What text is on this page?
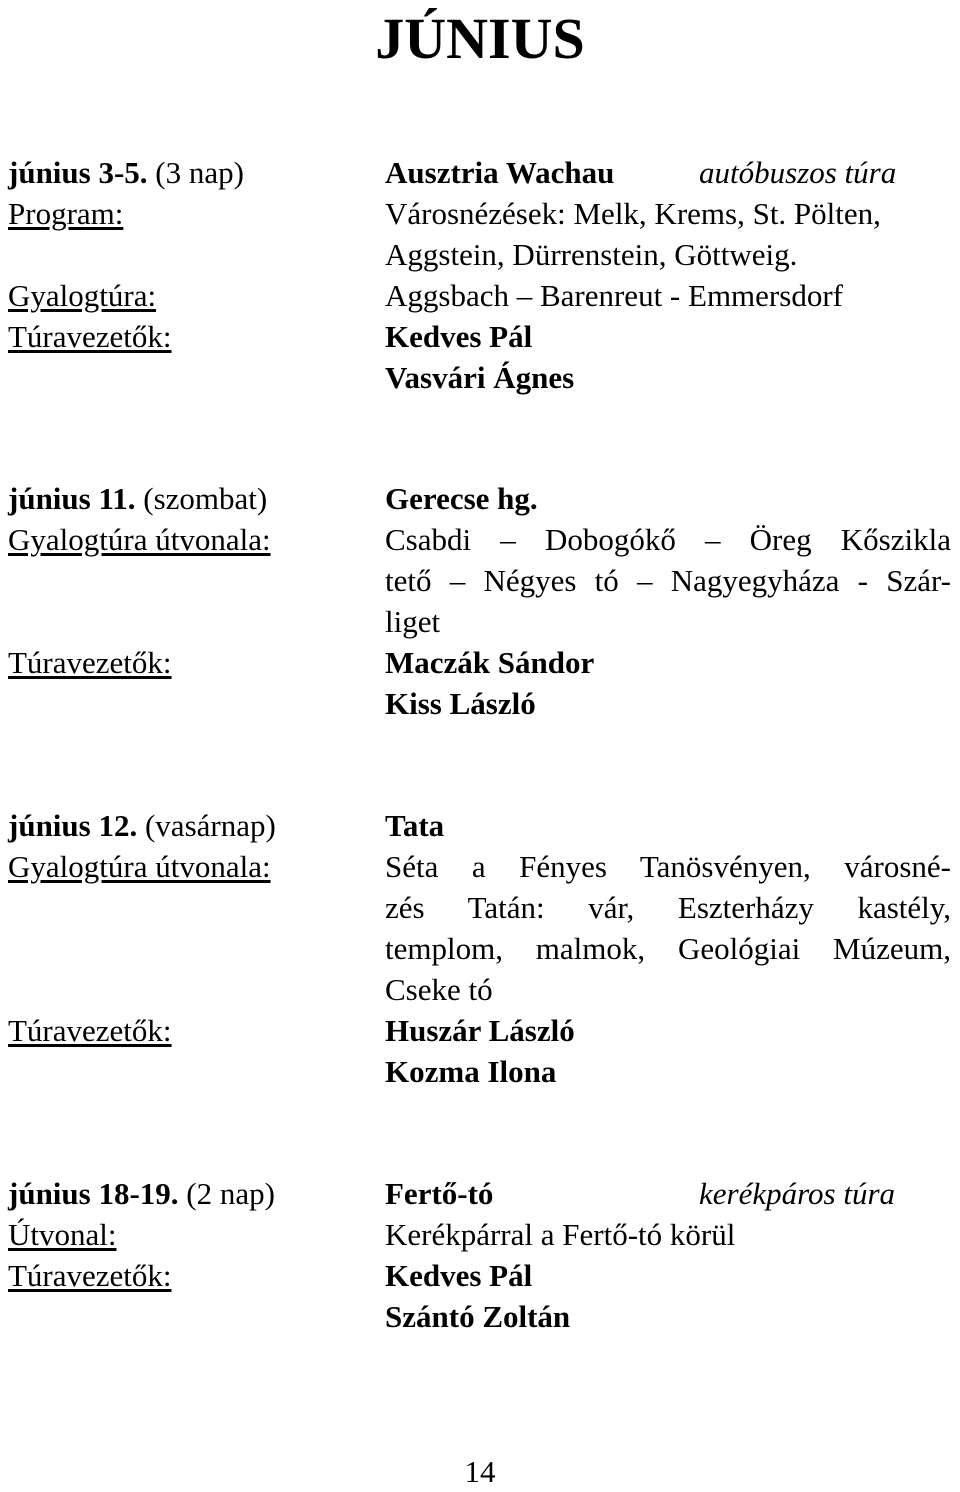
JÚNIUS
június 3-5. (3 nap)	Ausztria Wachau	autóbuszos túra
Program:	Városnézések: Melk, Krems, St. Pölten,
Aggstein, Dürrenstein, Göttweig.
Gyalogtúra:	Aggsbach – Barenreut - Emmersdorf
Túravezetők:	Kedves Pál
Vasvári Ágnes
június 11. (szombat)	Gerecse hg.
Gyalogtúra útvonala:	Csabdi – Dobogókő – Öreg Kőszikla
tető – Négyes tó – Nagyegyháza - Szár-
liget
Túravezetők:	Maczák Sándor
Kiss László
június 12. (vasárnap)	Tata
Gyalogtúra útvonala:	Séta a Fényes Tanösvényen, városné-
zés Tatán: vár, Eszterházy kastély,
templom, malmok, Geológiai Múzeum,
Cseke tó
Túravezetők:	Huszár László
Kozma Ilona
június 18-19. (2 nap)	Fertő-tó	kerékpáros túra
Útvonal:	Kerékpárral a Fertő-tó körül
Túravezetők:	Kedves Pál
Szántó Zoltán
14
